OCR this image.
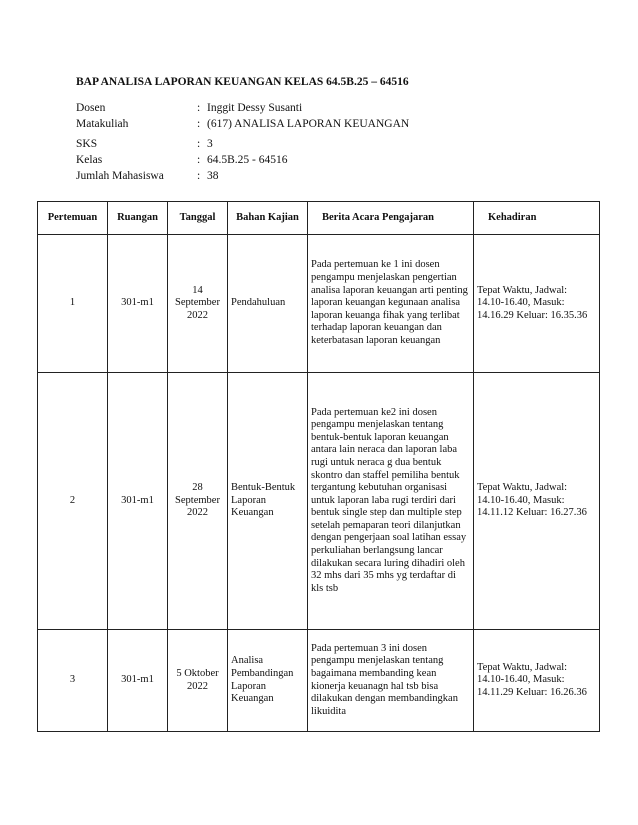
BAP ANALISA LAPORAN KEUANGAN KELAS 64.5B.25 – 64516
Dosen	: Inggit Dessy Susanti
Matakuliah	: (617) ANALISA LAPORAN KEUANGAN
SKS	: 3
Kelas	: 64.5B.25 - 64516
Jumlah Mahasiswa	: 38
Pertemuan	Ruangan	Tanggal	Bahan Kajian	Berita Acara Pengajaran	Kehadiran
1	301-m1	14 September 2022	Pendahuluan	Pada pertemuan ke 1 ini dosen pengampu menjelaskan pengertian analisa laporan keuangan arti penting laporan keuangan kegunaan analisa laporan keuanga fihak yang terlibat terhadap laporan keuangan dan keterbatasan laporan keuangan	Tepat Waktu, Jadwal: 14.10-16.40, Masuk: 14.16.29 Keluar: 16.35.36
2	301-m1	28 September 2022	Bentuk-Bentuk Laporan Keuangan	Pada pertemuan ke2 ini dosen pengampu menjelaskan tentang bentuk-bentuk laporan keuangan antara lain neraca dan laporan laba rugi untuk neraca g dua bentuk skontro dan staffel pemiliha bentuk tergantung kebutuhan organisasi untuk laporan laba rugi terdiri dari bentuk single step dan multiple step setelah pemaparan teori dilanjutkan dengan pengerjaan soal latihan essay perkuliahan berlangsung lancar dilakukan secara luring dihadiri oleh 32 mhs dari 35 mhs yg terdaftar di kls tsb	Tepat Waktu, Jadwal: 14.10-16.40, Masuk: 14.11.12 Keluar: 16.27.36
3	301-m1	5 Oktober 2022	Analisa Pembandingan Laporan Keuangan	Pada pertemuan 3 ini dosen pengampu menjelaskan tentang bagaimana membanding kean kionerja keuanagn hal tsb bisa dilakukan dengan membandingkan likuidita	Tepat Waktu, Jadwal: 14.10-16.40, Masuk: 14.11.29 Keluar: 16.26.36
